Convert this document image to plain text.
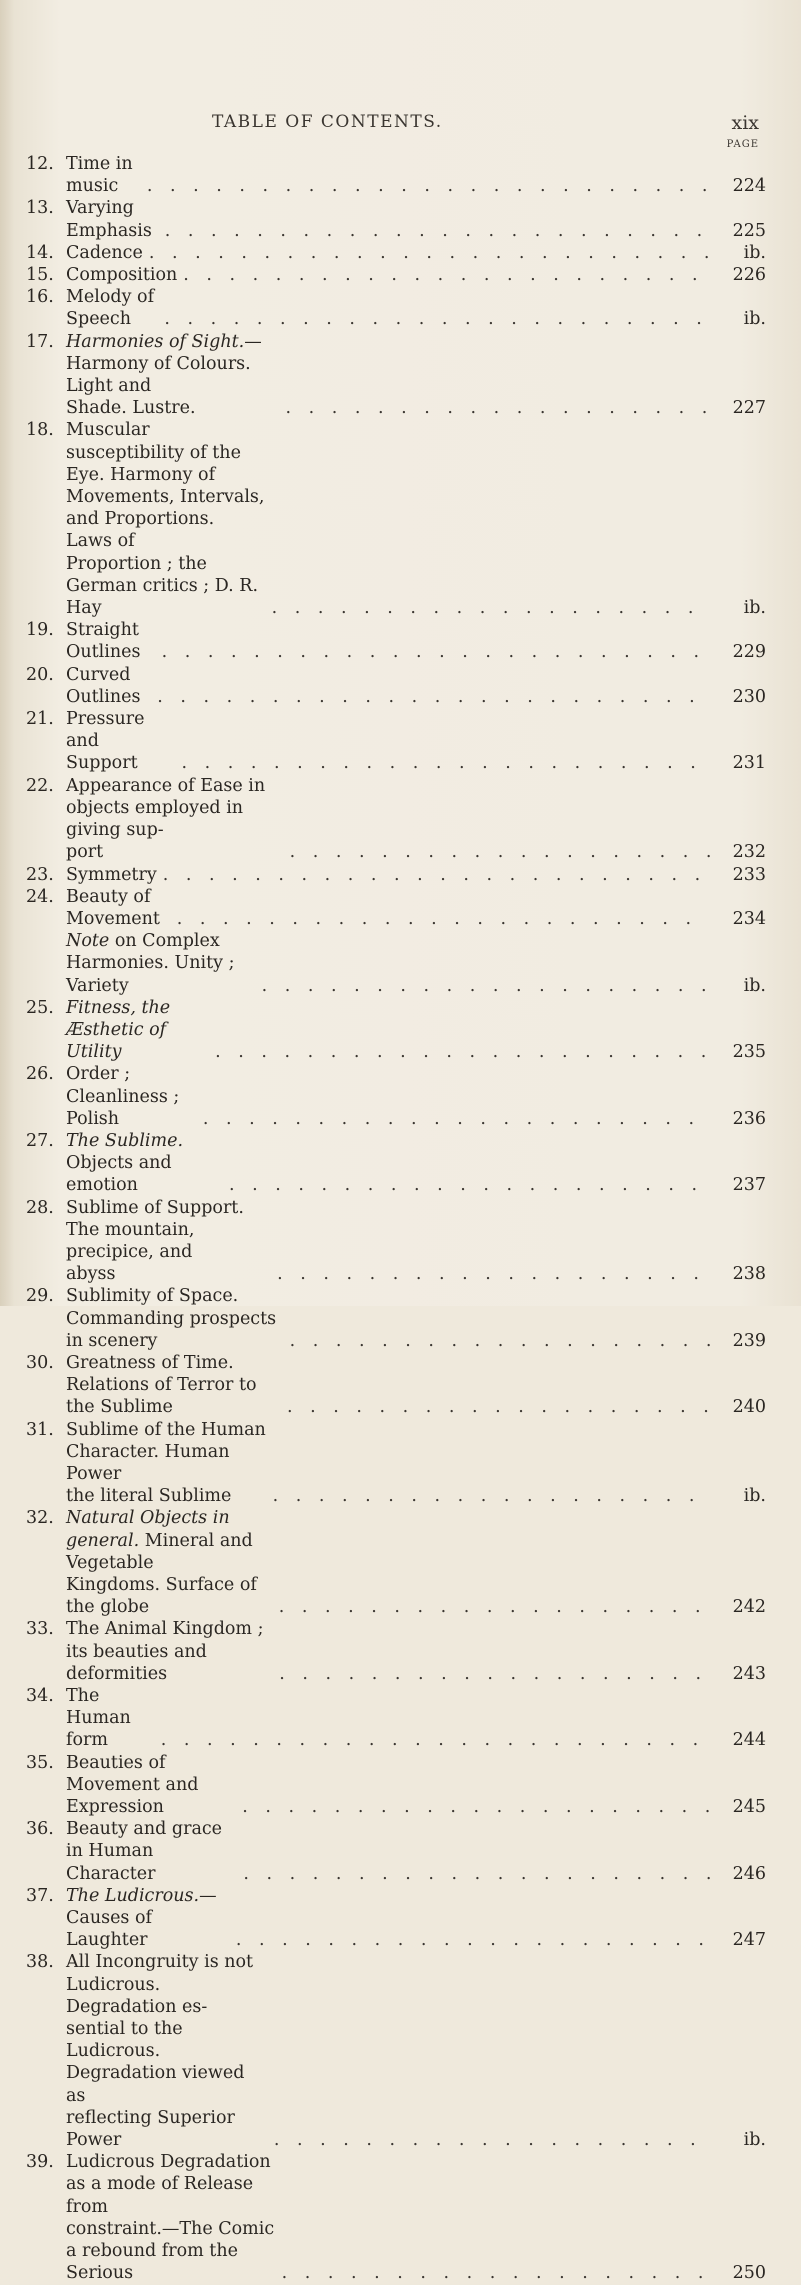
TABLE OF CONTENTS.	xix
PAGE
12. Time in music . . .	224
13. Varying Emphasis . . .	225
14. Cadence . . .	ib.
15. Composition . . .	226
16. Melody of Speech . . .	ib.
17. Harmonies of Sight.—Harmony of Colours. Light and
Shade. Lustre. . . .	227
18. Muscular susceptibility of the Eye. Harmony of
Movements, Intervals, and Proportions. Laws of
Proportion ; the German critics ; D. R. Hay . . .	ib.
19. Straight Outlines . . .	229
20. Curved Outlines . . .	230
21. Pressure and Support . . .	231
22. Appearance of Ease in objects employed in giving sup-
port . . .	232
23. Symmetry . . .	233
24. Beauty of Movement . . .	234
Note on Complex Harmonies. Unity ; Variety . . .	ib.
25. Fitness, the Æsthetic of Utility . . .	235
26. Order ; Cleanliness ; Polish . . .	236
27. The Sublime. Objects and emotion . . .	237
28. Sublime of Support. The mountain, precipice, and
abyss . . .	238
29. Sublimity of Space. Commanding prospects in scenery . . .	239
30. Greatness of Time. Relations of Terror to the Sublime . . .	240
31. Sublime of the Human Character. Human Power
the literal Sublime . . .	ib.
32. Natural Objects in general. Mineral and Vegetable
Kingdoms. Surface of the globe . . .	242
33. The Animal Kingdom ; its beauties and deformities . . .	243
34. The Human form . . .	244
35. Beauties of Movement and Expression . . .	245
36. Beauty and grace in Human Character . . .	246
37. The Ludicrous.—Causes of Laughter . . .	247
38. All Incongruity is not Ludicrous. Degradation es-
sential to the Ludicrous. Degradation viewed as
reflecting Superior Power . . .	ib.
39. Ludicrous Degradation as a mode of Release from
constraint.—The Comic a rebound from the Serious . . .	250
